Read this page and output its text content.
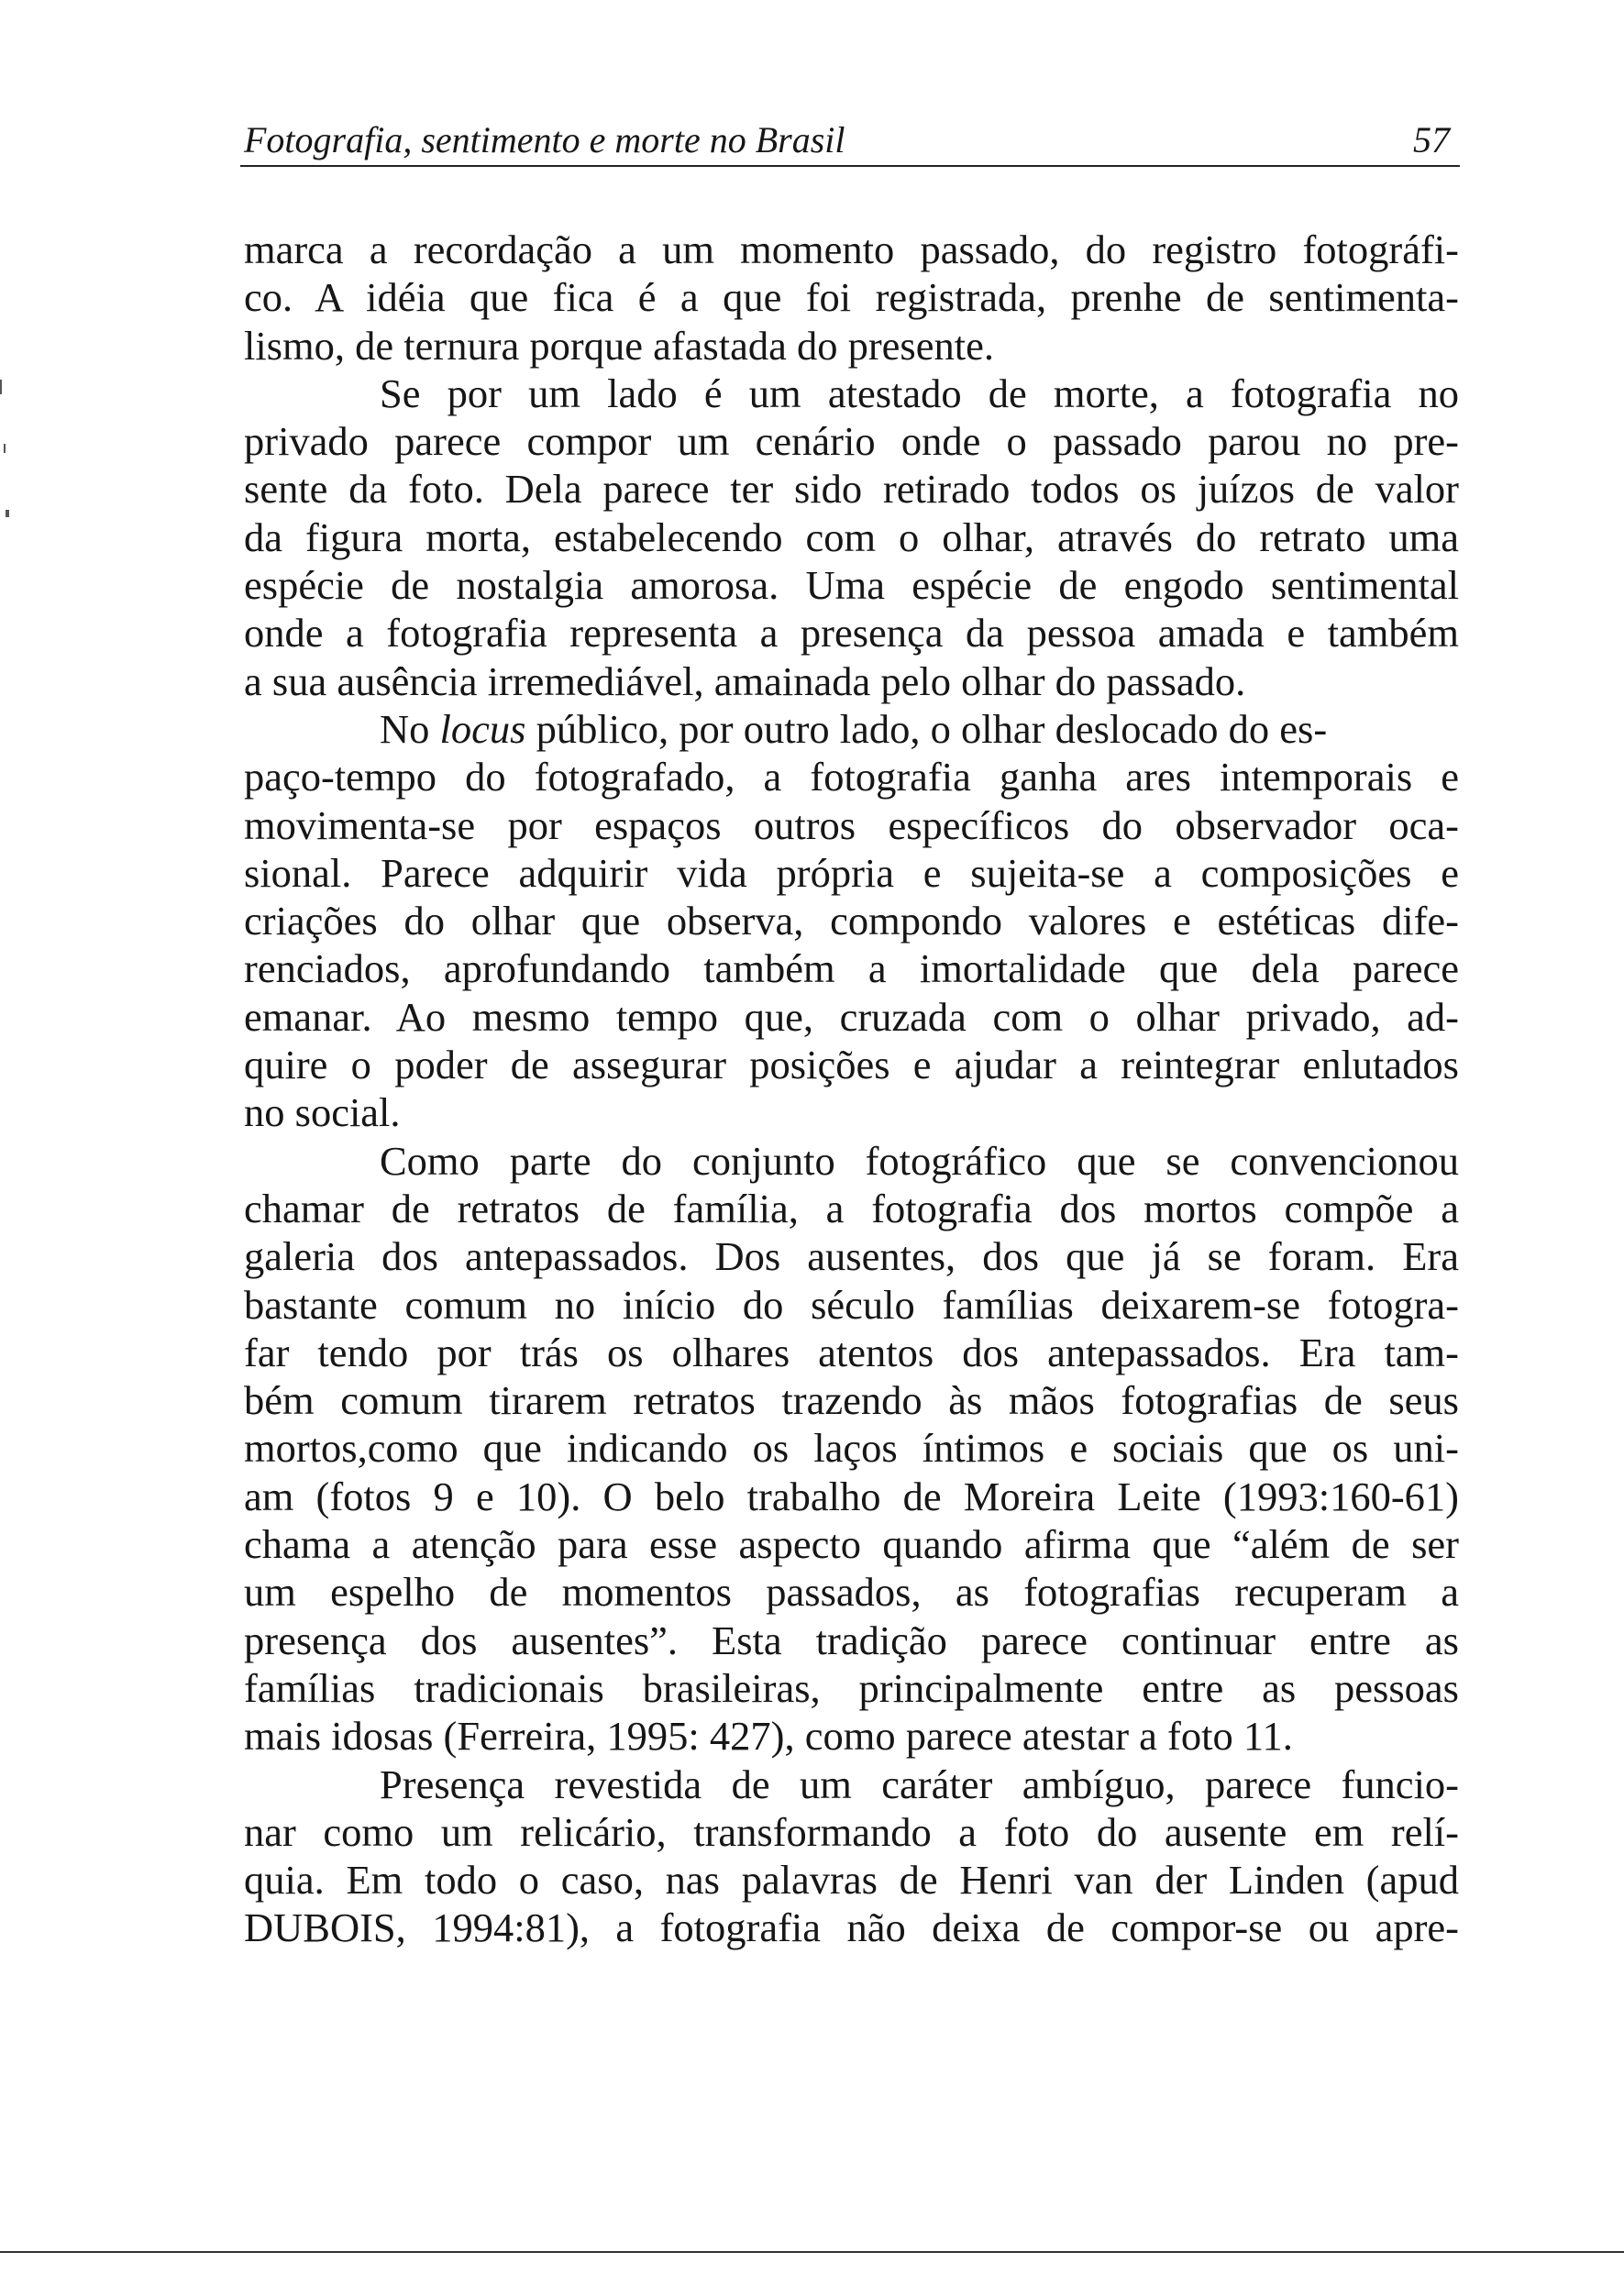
Fotografia, sentimento e morte no Brasil	57
marca a recordação a um momento passado, do registro fotográfi-
co. A idéia que fica é a que foi registrada, prenhe de sentimenta-
lismo, de ternura porque afastada do presente.
Se por um lado é um atestado de morte, a fotografia no
privado parece compor um cenário onde o passado parou no pre-
sente da foto. Dela parece ter sido retirado todos os juízos de valor
da figura morta, estabelecendo com o olhar, através do retrato uma
espécie de nostalgia amorosa. Uma espécie de engodo sentimental
onde a fotografia representa a presença da pessoa amada e também
a sua ausência irremediável, amainada pelo olhar do passado.
No locus público, por outro lado, o olhar deslocado do es-
paço-tempo do fotografado, a fotografia ganha ares intemporais e
movimenta-se por espaços outros específicos do observador oca-
sional. Parece adquirir vida própria e sujeita-se a composições e
criações do olhar que observa, compondo valores e estéticas dife-
renciados, aprofundando também a imortalidade que dela parece
emanar. Ao mesmo tempo que, cruzada com o olhar privado, ad-
quire o poder de assegurar posições e ajudar a reintegrar enlutados
no social.
Como parte do conjunto fotográfico que se convencionou
chamar de retratos de família, a fotografia dos mortos compõe a
galeria dos antepassados. Dos ausentes, dos que já se foram. Era
bastante comum no início do século famílias deixarem-se fotogra-
far tendo por trás os olhares atentos dos antepassados. Era tam-
bém comum tirarem retratos trazendo às mãos fotografias de seus
mortos,como que indicando os laços íntimos e sociais que os uni-
am (fotos 9 e 10). O belo trabalho de Moreira Leite (1993:160-61)
chama a atenção para esse aspecto quando afirma que “além de ser
um espelho de momentos passados, as fotografias recuperam a
presença dos ausentes”. Esta tradição parece continuar entre as
famílias tradicionais brasileiras, principalmente entre as pessoas
mais idosas (Ferreira, 1995: 427), como parece atestar a foto 11.
Presença revestida de um caráter ambíguo, parece funcio-
nar como um relicário, transformando a foto do ausente em relí-
quia. Em todo o caso, nas palavras de Henri van der Linden (apud
DUBOIS, 1994:81), a fotografia não deixa de compor-se ou apre-
